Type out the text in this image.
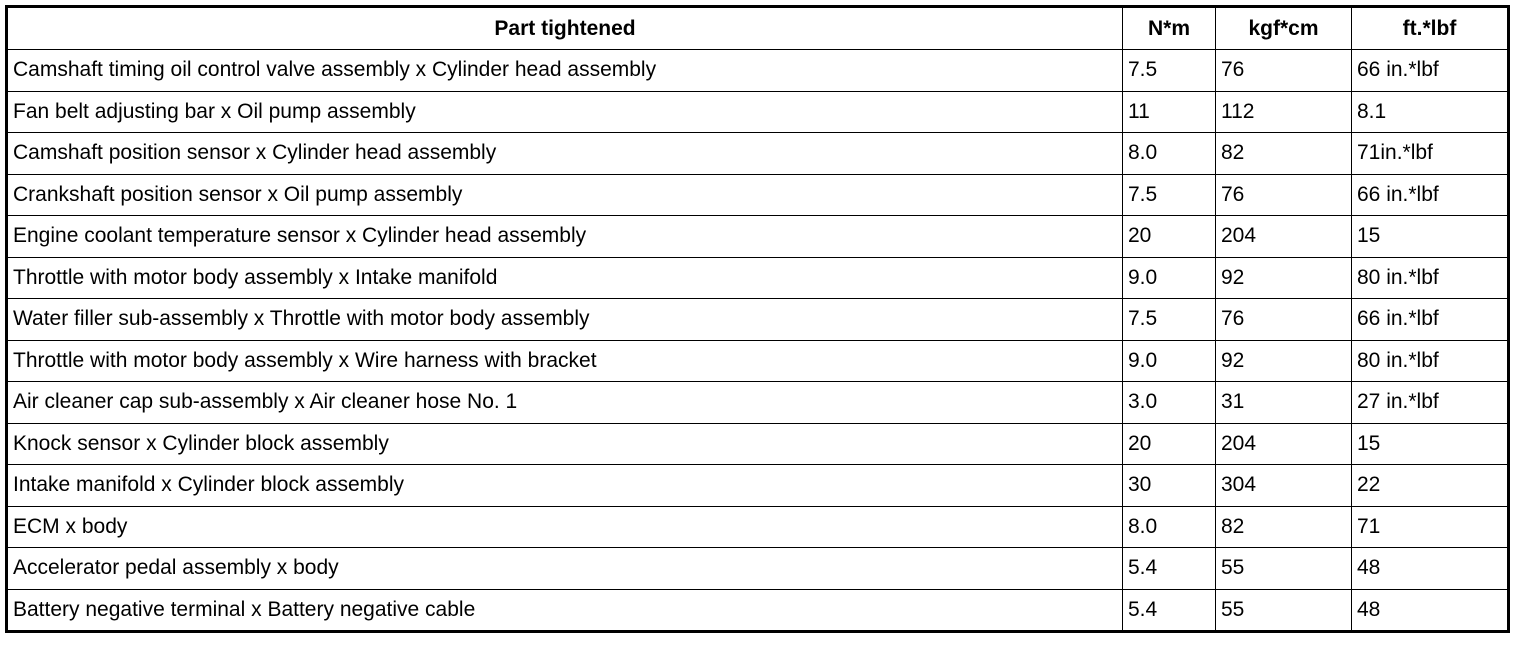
Part tightened	N*m	kgf*cm	ft.*lbf
Camshaft timing oil control valve assembly x Cylinder head assembly	7.5	76	66 in.*lbf
Fan belt adjusting bar x Oil pump assembly	11	112	8.1
Camshaft position sensor x Cylinder head assembly	8.0	82	71in.*lbf
Crankshaft position sensor x Oil pump assembly	7.5	76	66 in.*lbf
Engine coolant temperature sensor x Cylinder head assembly	20	204	15
Throttle with motor body assembly x Intake manifold	9.0	92	80 in.*lbf
Water filler sub-assembly x Throttle with motor body assembly	7.5	76	66 in.*lbf
Throttle with motor body assembly x Wire harness with bracket	9.0	92	80 in.*lbf
Air cleaner cap sub-assembly x Air cleaner hose No. 1	3.0	31	27 in.*lbf
Knock sensor x Cylinder block assembly	20	204	15
Intake manifold x Cylinder block assembly	30	304	22
ECM x body	8.0	82	71
Accelerator pedal assembly x body	5.4	55	48
Battery negative terminal x Battery negative cable	5.4	55	48
